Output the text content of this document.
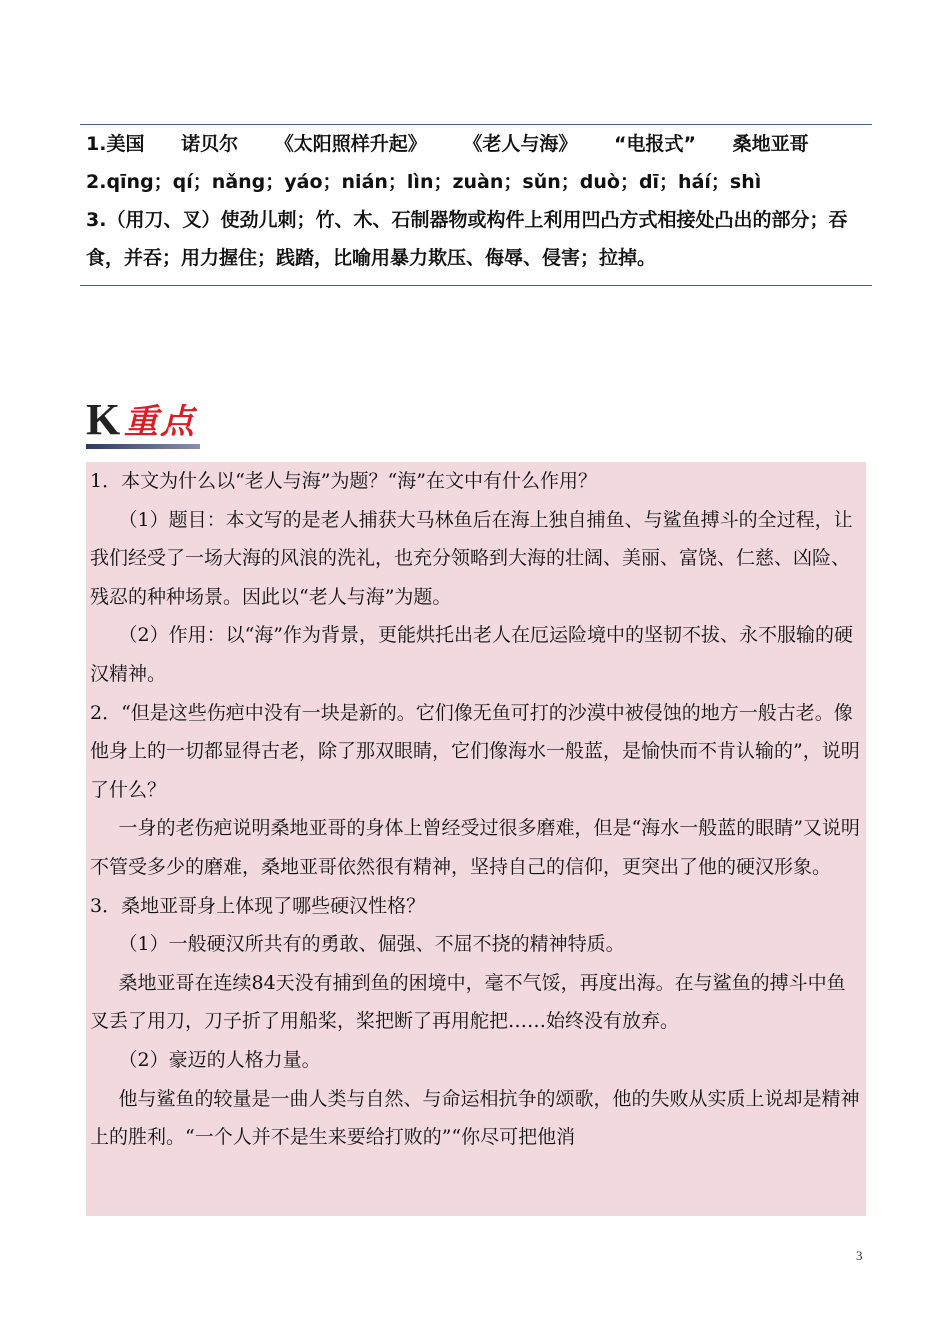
1.美国 诺贝尔 《太阳照样升起》 《老人与海》 “电报式” 桑地亚哥

2.qīng；qí；nǎng；yáo；nián；lìn；zuàn；sǔn；duò；dī；háí；shì

3.（用刀、叉）使劲儿刺；竹、木、石制器物或构件上利用凹凸方式相接处凸出的部分；吞食，并吞；用力握住；践踏，比喻用暴力欺压、侮辱、侵害；拉掉。

K 重点

1．本文为什么以“老人与海”为题？“海”在文中有什么作用？

（1）题目：本文写的是老人捕获大马林鱼后在海上独自捕鱼、与鲨鱼搏斗的全过程，让我们经受了一场大海的风浪的洗礼，也充分领略到大海的壮阔、美丽、富饶、仁慈、凶险、残忍的种种场景。因此以“老人与海”为题。

（2）作用：以“海”作为背景，更能烘托出老人在厄运险境中的坚韧不拔、永不服输的硬汉精神。

2．“但是这些伤疤中没有一块是新的。它们像无鱼可打的沙漠中被侵蚀的地方一般古老。像他身上的一切都显得古老，除了那双眼睛，它们像海水一般蓝，是愉快而不肯认输的”，说明了什么？

一身的老伤疤说明桑地亚哥的身体上曾经受过很多磨难，但是“海水一般蓝的眼睛”又说明不管受多少的磨难，桑地亚哥依然很有精神，坚持自己的信仰，更突出了他的硬汉形象。

3．桑地亚哥身上体现了哪些硬汉性格？

（1）一般硬汉所共有的勇敢、倔强、不屈不挠的精神特质。

桑地亚哥在连续84天没有捕到鱼的困境中，毫不气馁，再度出海。在与鲨鱼的搏斗中鱼叉丢了用刀，刀子折了用船桨，桨把断了再用舵把……始终没有放弃。

（2）豪迈的人格力量。

他与鲨鱼的较量是一曲人类与自然、与命运相抗争的颂歌，他的失败从实质上说却是精神上的胜利。“一个人并不是生来要给打败的”“你尽可把他消

3
